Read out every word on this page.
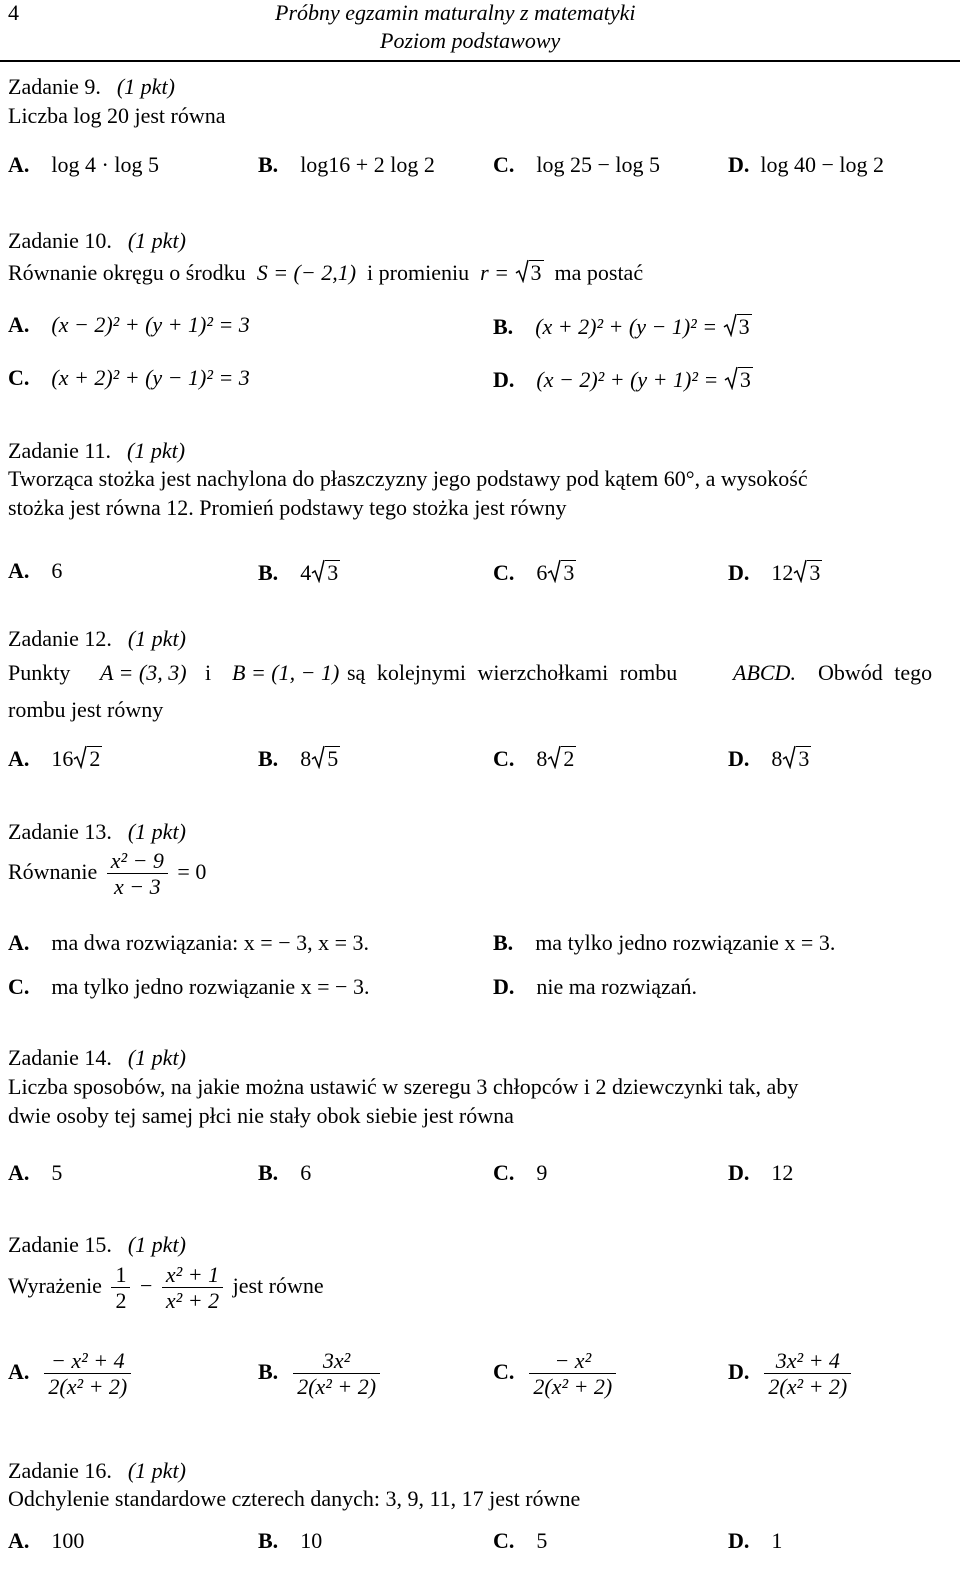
4	Próbny egzamin maturalny z matematyki
Poziom podstawowy
Zadanie 9. (1 pkt)
Liczba log 20 jest równa
A. log 4 · log 5	B. log16 + 2 log 2	C. log 25 − log 5	D. log 40 − log 2
Zadanie 10. (1 pkt)
Równanie okręgu o środku S = (− 2,1) i promieniu r = 3 ma postać
A. (x − 2)² + (y + 1)² = 3	B. (x + 2)² + (y − 1)² = 3
C. (x + 2)² + (y − 1)² = 3	D. (x − 2)² + (y + 1)² = 3
Zadanie 11. (1 pkt)
Tworząca stożka jest nachylona do płaszczyzny jego podstawy pod kątem 60°, a wysokość
stożka jest równa 12. Promień podstawy tego stożka jest równy
A. 6	B. 4 3	C. 6 3	D. 12 3
Zadanie 12. (1 pkt)
Punkty A = (3, 3) i B = (1, − 1) są kolejnymi wierzchołkami rombu	ABCD. Obwód tego
rombu jest równy
A. 16 2	B. 8 5	C. 8 2	D. 8 3
Zadanie 13. (1 pkt)
Równanie $\frac{\text{x² − 9}}{x - 3} = 0$
A. ma dwa rozwiązania: x = − 3, x = 3.	B. ma tylko jedno rozwiązanie x = 3.
C. ma tylko jedno rozwiązanie x = − 3.	D. nie ma rozwiązań.
Zadanie 14. (1 pkt)
Liczba sposobów, na jakie można ustawić w szeregu 3 chłopców i 2 dziewczynki tak, aby
dwie osoby tej samej płci nie stały obok siebie jest równa
A. 5	B. 6	C. 9	D. 12
Zadanie 15. (1 pkt)
Wyrażenie $\frac{1}{2} - \frac{\text{x² + 1}}{\text{x² + 2}}$ jest równe
A. $\frac{\text{− x² + 4}}{\text{2(x² + 2)}}$	B. $\frac{\text{3x²}}{\text{2(x² + 2)}}$	C. $\frac{\text{− x²}}{\text{2(x² + 2)}}$	D. $\frac{\text{3x² + 4}}{\text{2(x² + 2)}}$
Zadanie 16. (1 pkt)
Odchylenie standardowe czterech danych: 3, 9, 11, 17 jest równe
A. 100	B. 10	C. 5	D. 1
